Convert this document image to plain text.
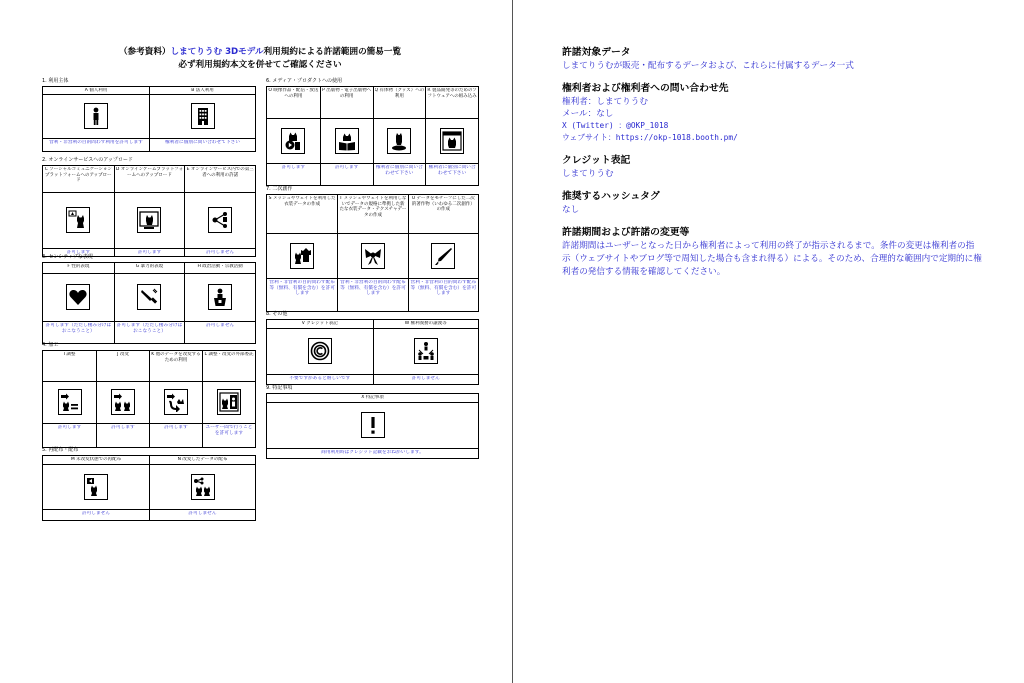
（参考資料）しまてりうむ 3Dモデル利用規約による許諾範囲の簡易一覧
必ず利用規約本文を併せてご確認ください
1. 利用主体
A 個人利用
営利・非営利の目的問わず利用を許可します
B 法人利用
権利者に個別に問い合わせて下さい
2. オンラインサービスへのアップロード
C ソーシャルコミュニケーションプラットフォームへのアップロード
許可します
D オンラインゲームプラットフォームへのアップロード
許可します
E オンラインサービス内での第三者への利用の許諾
許可しません
3. センシティブな表現
F 性的表現
許可します（ただし棲み分けはおこなうこと）
G 暴力的表現
許可します（ただし棲み分けはおこなうこと）
H 政治活動・宗教活動
許可しません
4. 加工
I 調整
許可します
J 改変
許可します
K 他のデータを改変するための利用
許可します
L 調整・改変の外部委託
ユーザー間で行うことを許可します
5. 再配布・配布
M 未改変状態での再配布
許可しません
N 改変したデータの配布
許可しません
6. メディア・プロダクトへの使用
O 映像作品・配信・放送への利用
許可します
P 出版物・電子出版物への利用
許可します
Q 有体物（グッズ）への利用
権利者に個別に問い合わせて下さい
R 製品開発等のためのソフトウェアへの組み込み
権利者に個別に問い合わせて下さい
7. 二次創作
S メッシュやウェイトを利用した衣装データの作成
営利・非営利の目的問わず配布等（無料、有償を含む）を許可します
T メッシュやウェイトを利用しないでデータの規格に準拠した新たな衣装データ・テクスチャデータの作成
営利・非営利の目的問わず配布等（無料、有償を含む）を許可します
U データをモチーフにした二次的著作物（いわゆる二次創作）の作成
営利・非営利の目的問わず配布等（無料、有償を含む）を許可します
8. その他
V クレジット表記
不要ですがあると嬉しいです
W 権利義務の譲渡等
許可しません
9. 特記事項
X 特記事項
商用利用時はクレジット記載をおねがいします。
許諾対象データ
しまてりうむが販売・配布するデータおよび、これらに付属するデータ一式
権利者および権利者への問い合わせ先
権利者：しまてりうむ
メール：なし
X (Twitter) ：@OKP_1018
ウェブサイト：https://okp-1018.booth.pm/
クレジット表記
しまてりうむ
推奨するハッシュタグ
なし
許諾期間および許諾の変更等
許諾期間はユーザーとなった日から権利者によって利用の終了が指示されるまで。条件の変更は権利者の指示（ウェブサイトやブログ等で周知した場合も含まれ得る）による。そのため、合理的な範囲内で定期的に権利者の発信する情報を確認してください。
